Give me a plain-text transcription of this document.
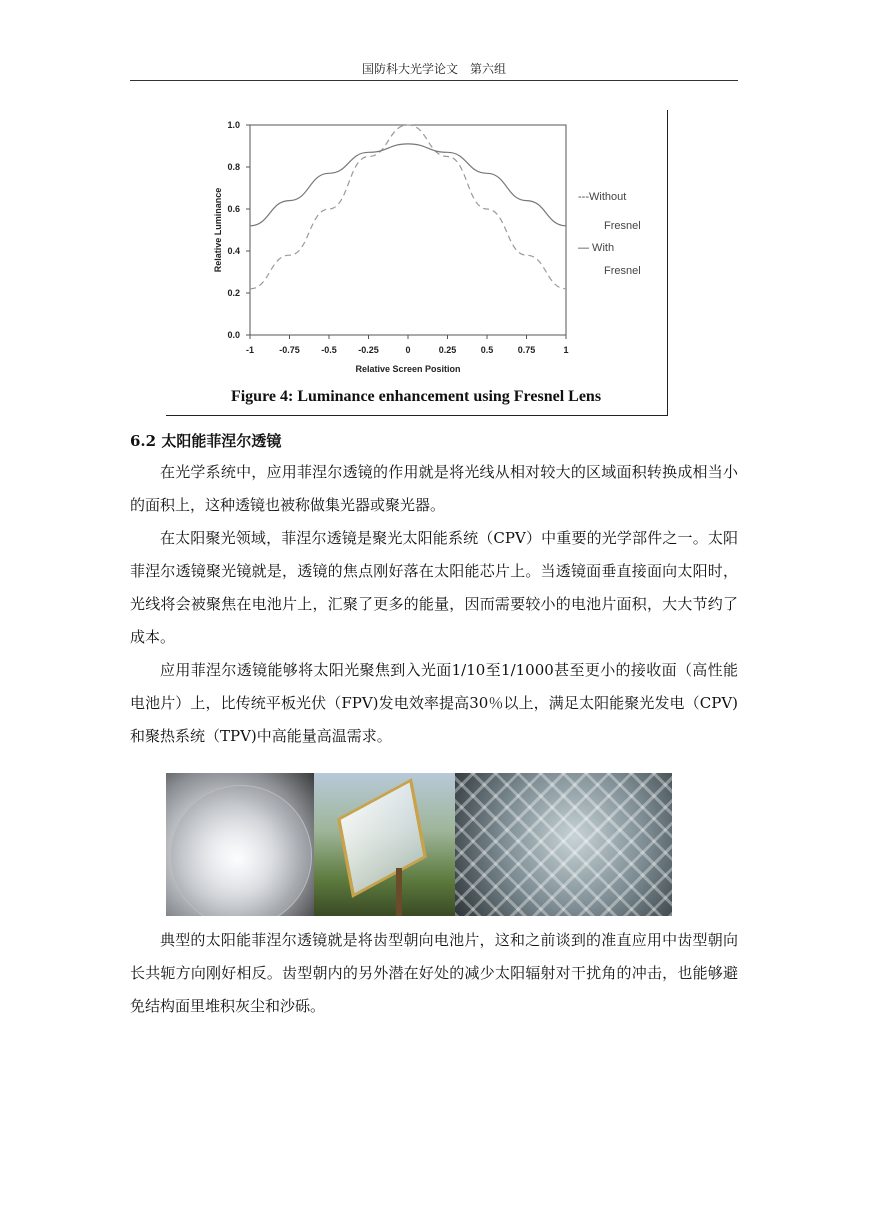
国防科大光学论文　第六组
0.0
0.2
0.4
0.6
0.8
1.0
-1	-0.75 -0.5 -0.25	0	0.25	0.5	0.75	1
Relative Screen Position
Relative Luminance	---Without
Fresnel
— With
Fresnel
Figure 4: Luminance enhancement using Fresnel Lens
6.2 太阳能菲涅尔透镜

在光学系统中，应用菲涅尔透镜的作用就是将光线从相对较大的区域面积转换成相当小的面积上，这种透镜也被称做集光器或聚光器。

在太阳聚光领域，菲涅尔透镜是聚光太阳能系统（CPV）中重要的光学部件之一。太阳菲涅尔透镜聚光镜就是，透镜的焦点刚好落在太阳能芯片上。当透镜面垂直接面向太阳时，光线将会被聚焦在电池片上，汇聚了更多的能量，因而需要较小的电池片面积，大大节约了成本。

应用菲涅尔透镜能够将太阳光聚焦到入光面1/10至1/1000甚至更小的接收面（高性能电池片）上，比传统平板光伏（FPV)发电效率提高30％以上，满足太阳能聚光发电（CPV)和聚热系统（TPV)中高能量高温需求。

典型的太阳能菲涅尔透镜就是将齿型朝向电池片，这和之前谈到的准直应用中齿型朝向长共轭方向刚好相反。齿型朝内的另外潜在好处的减少太阳辐射对干扰角的冲击，也能够避免结构面里堆积灰尘和沙砾。
